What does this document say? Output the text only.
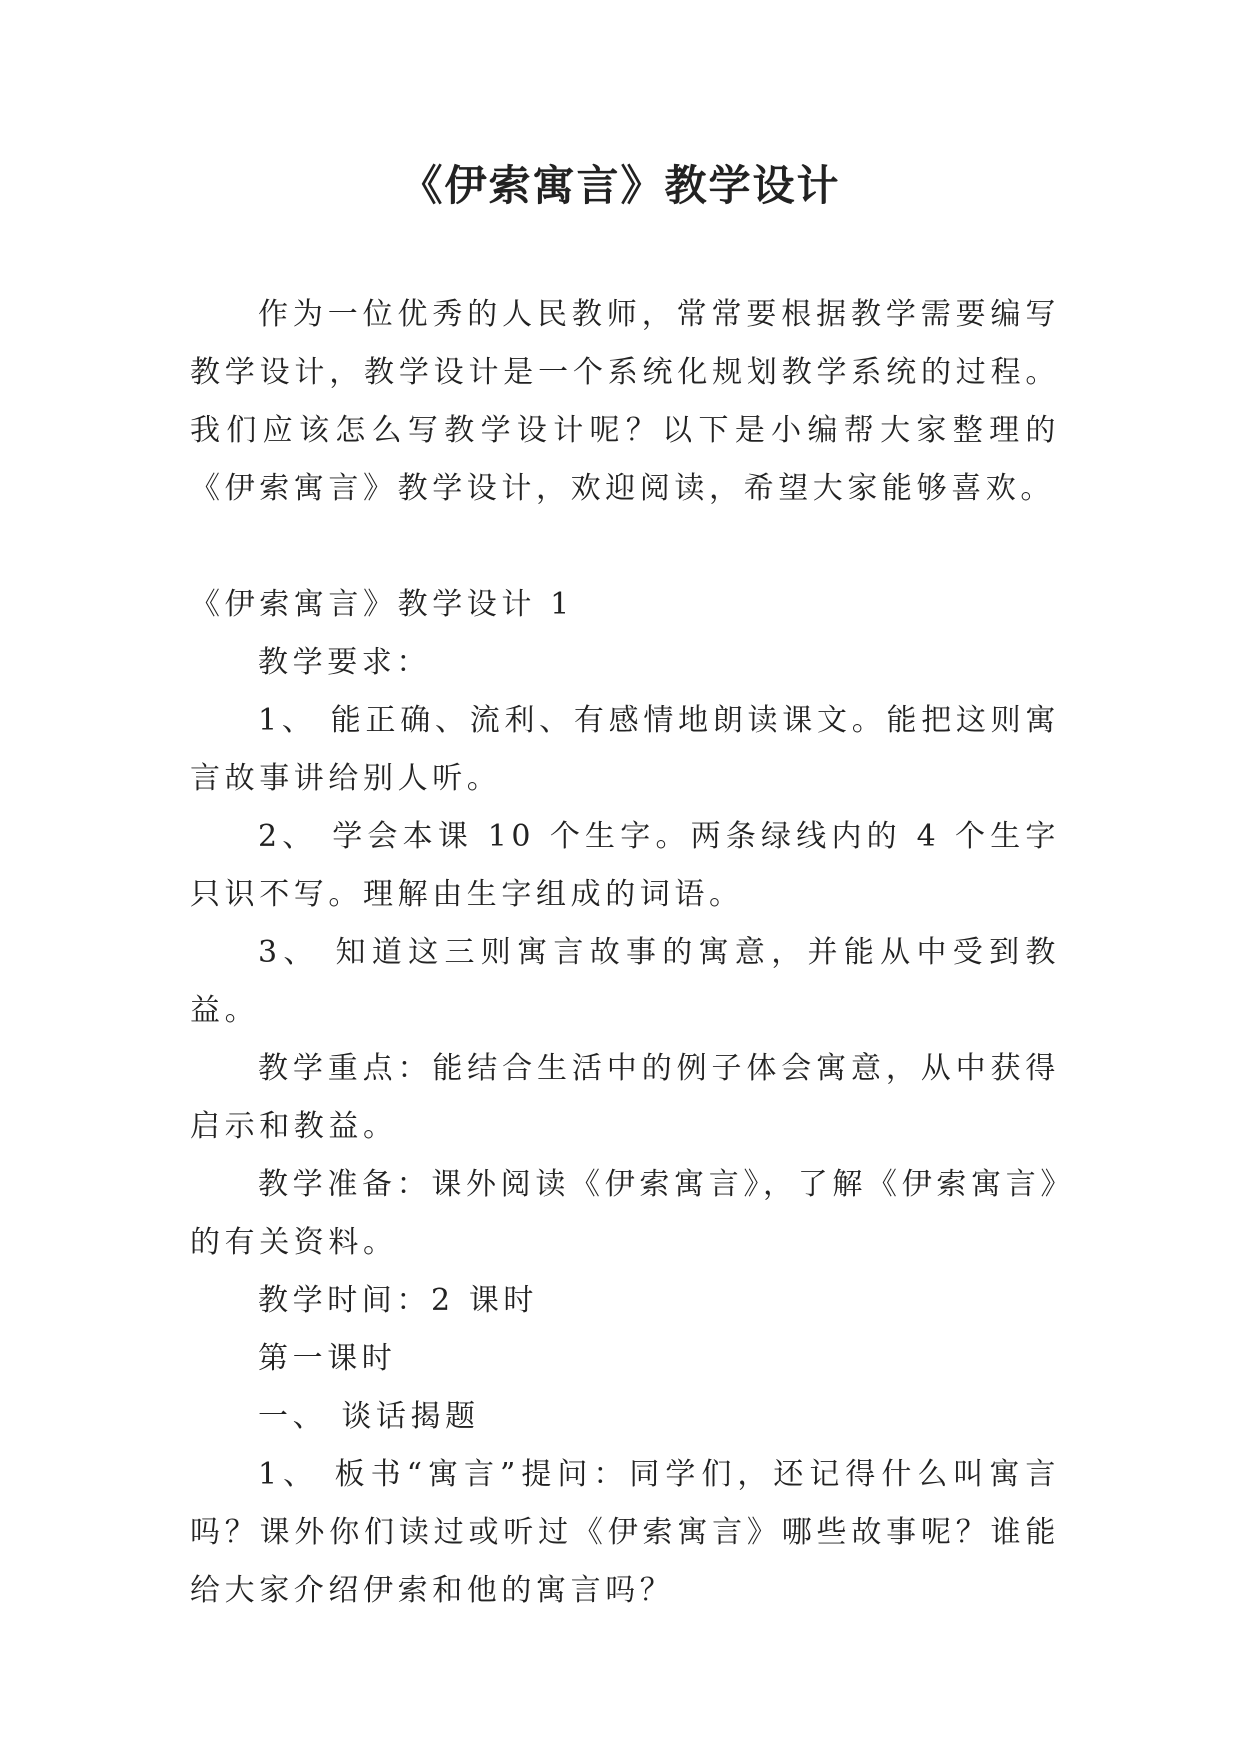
《伊索寓言》教学设计

作为一位优秀的人民教师，常常要根据教学需要编写教学设计，教学设计是一个系统化规划教学系统的过程。我们应该怎么写教学设计呢？以下是小编帮大家整理的《伊索寓言》教学设计，欢迎阅读，希望大家能够喜欢。

《伊索寓言》教学设计 1

教学要求：

1、 能正确、流利、有感情地朗读课文。能把这则寓言故事讲给别人听。

2、 学会本课 10 个生字。两条绿线内的 4 个生字只识不写。理解由生字组成的词语。

3、 知道这三则寓言故事的寓意，并能从中受到教益。

教学重点：能结合生活中的例子体会寓意，从中获得启示和教益。

教学准备：课外阅读《伊索寓言》，了解《伊索寓言》的有关资料。

教学时间：2 课时

第一课时

一、 谈话揭题

1、 板书“寓言”提问：同学们，还记得什么叫寓言吗？课外你们读过或听过《伊索寓言》哪些故事呢？谁能给大家介绍伊索和他的寓言吗？
